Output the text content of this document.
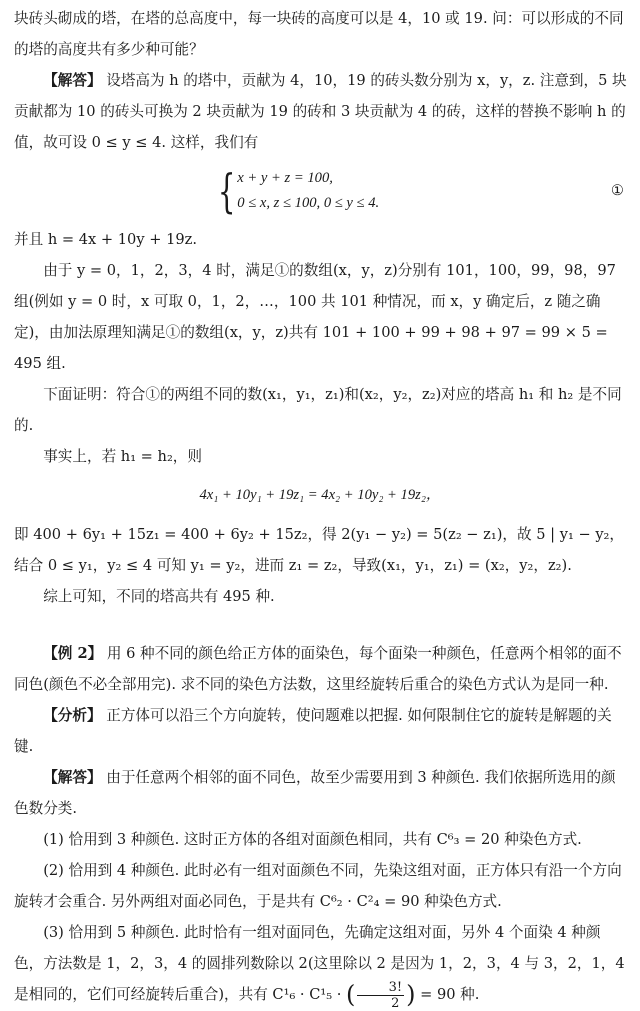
块砖头砌成的塔，在塔的总高度中，每一块砖的高度可以是 4，10 或 19. 问：可以形成的不同的塔的高度共有多少种可能？

【解答】 设塔高为 h 的塔中，贡献为 4，10，19 的砖头数分别为 x，y，z. 注意到，5 块贡献都为 10 的砖头可换为 2 块贡献为 19 的砖和 3 块贡献为 4 的砖，这样的替换不影响 h 的值，故可设 0 ≤ y ≤ 4. 这样，我们有

{ x + y + z = 100,
0 ≤ x, z ≤ 100, 0 ≤ y ≤ 4.
①

并且 h = 4x + 10y + 19z.

由于 y = 0，1，2，3，4 时，满足①的数组(x，y，z)分别有 101，100，99，98，97 组(例如 y = 0 时，x 可取 0，1，2，…，100 共 101 种情况，而 x，y 确定后，z 随之确定)，由加法原理知满足①的数组(x，y，z)共有 101 + 100 + 99 + 98 + 97 = 99 × 5 = 495 组.

下面证明：符合①的两组不同的数(x₁，y₁，z₁)和(x₂，y₂，z₂)对应的塔高 h₁ 和 h₂ 是不同的.

事实上，若 h₁ = h₂，则

4x₁ + 10y₁ + 19z₁ = 4x₂ + 10y₂ + 19z₂，

即 400 + 6y₁ + 15z₁ = 400 + 6y₂ + 15z₂，得 2(y₁ − y₂) = 5(z₂ − z₁)，故 5 | y₁ − y₂，结合 0 ≤ y₁，y₂ ≤ 4 可知 y₁ = y₂，进而 z₁ = z₂，导致(x₁，y₁，z₁) = (x₂，y₂，z₂).

综上可知，不同的塔高共有 495 种.

【例 2】 用 6 种不同的颜色给正方体的面染色，每个面染一种颜色，任意两个相邻的面不同色(颜色不必全部用完). 求不同的染色方法数，这里经旋转后重合的染色方式认为是同一种.

【分析】 正方体可以沿三个方向旋转，使问题难以把握. 如何限制住它的旋转是解题的关键.

【解答】 由于任意两个相邻的面不同色，故至少需要用到 3 种颜色. 我们依据所选用的颜色数分类.

(1) 恰用到 3 种颜色. 这时正方体的各组对面颜色相同，共有 C⁶₃ = 20 种染色方式.

(2) 恰用到 4 种颜色. 此时必有一组对面颜色不同，先染这组对面，正方体只有沿一个方向旋转才会重合. 另外两组对面必同色，于是共有 C⁶₂ · C²₄ = 90 种染色方式.

(3) 恰用到 5 种颜色. 此时恰有一组对面同色，先确定这组对面，另外 4 个面染 4 种颜色，方法数是 1，2，3，4 的圆排列数除以 2(这里除以 2 是因为 1，2，3，4 与 3，2，1，4 是相同的，它们可经旋转后重合)，共有 C¹₆ · C¹₅ · ( $\frac{3!}{2}$ ) = 90 种.
